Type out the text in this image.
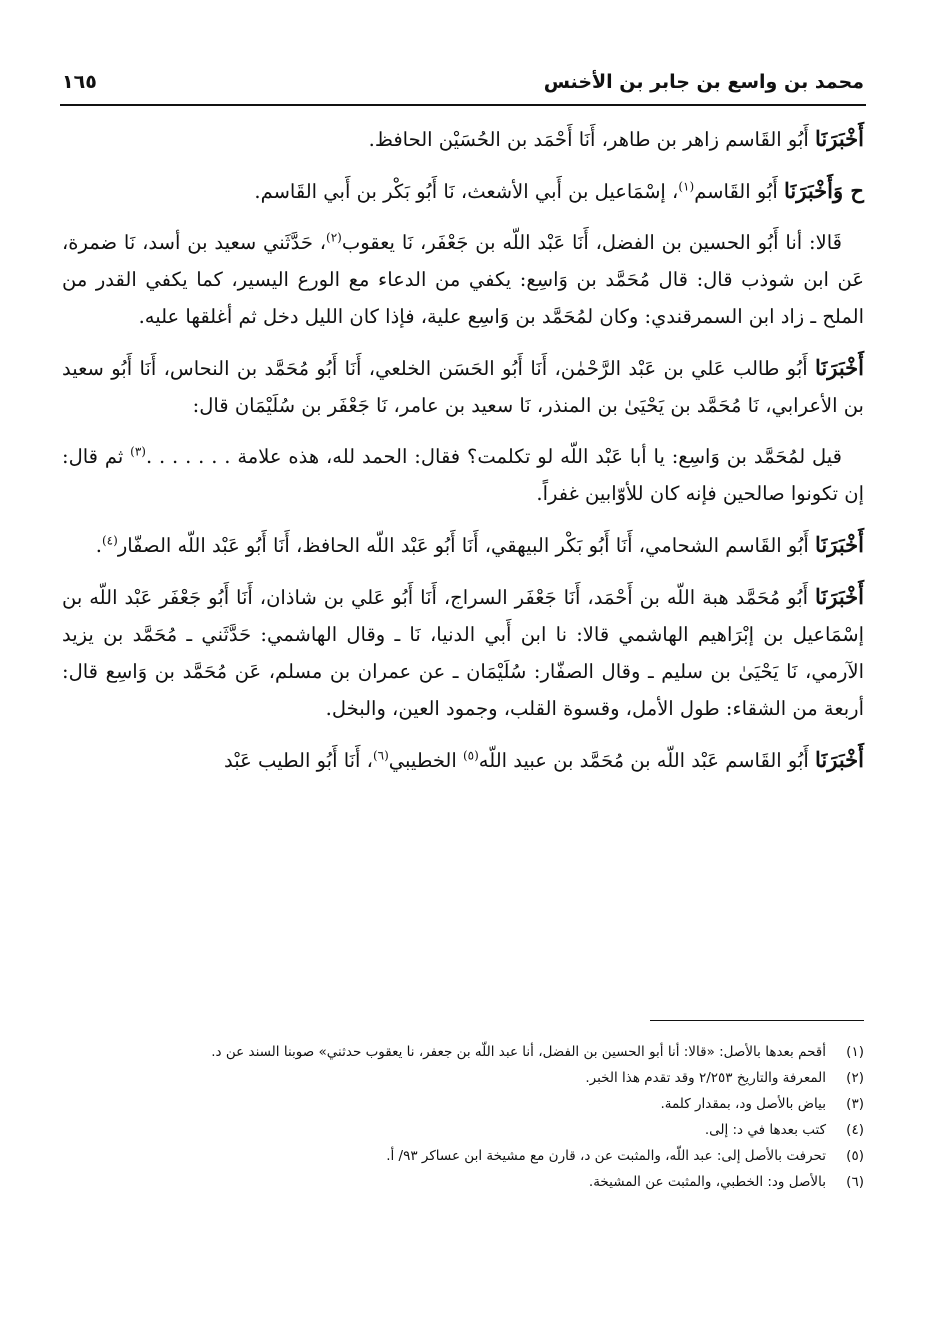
محمد بن واسع بن جابر بن الأخنس
١٦٥

أَخْبَرَنَا أَبُو القَاسم زاهر بن طاهر، أَنَا أَحْمَد بن الحُسَيْن الحافظ.

ح وَأَخْبَرَنَا أَبُو القَاسم$^{(١)}$، إسْمَاعيل بن أَبي الأشعث، نَا أَبُو بَكْر بن أَبي القَاسم.

قَالا: أنا أَبُو الحسين بن الفضل، أَنَا عَبْد اللّه بن جَعْفَر، نَا يعقوب$^{(٢)}$، حَدَّثَني سعيد بن أسد، نَا ضمرة، عَن ابن شوذب قال: قال مُحَمَّد بن وَاسِع: يكفي من الدعاء مع الورع اليسير، كما يكفي القدر من الملح ـ زاد ابن السمرقندي: وكان لمُحَمَّد بن وَاسِع علية، فإذا كان الليل دخل ثم أغلقها عليه.

أَخْبَرَنَا أَبُو طالب عَلي بن عَبْد الرَّحْمٰن، أَنَا أَبُو الحَسَن الخلعي، أَنَا أَبُو مُحَمَّد بن النحاس، أَنَا أَبُو سعيد بن الأعرابي، نَا مُحَمَّد بن يَحْيَىٰ بن المنذر، نَا سعيد بن عامر، نَا جَعْفَر بن سُلَيْمَان قال:

قيل لمُحَمَّد بن وَاسِع: يا أبا عَبْد اللّه لو تكلمت؟ فقال: الحمد لله، هذه علامة . . . . . . .$^{(٣)}$ ثم قال: إن تكونوا صالحين فإنه كان للأوّابين غفراً.

أَخْبَرَنَا أَبُو القَاسم الشحامي، أَنَا أَبُو بَكْر البيهقي، أَنَا أَبُو عَبْد اللّه الحافظ، أَنَا أَبُو عَبْد اللّه الصفّار$^{(٤)}$.

أَخْبَرَنَا أَبُو مُحَمَّد هبة اللّه بن أَحْمَد، أَنَا جَعْفَر السراج، أَنَا أَبُو عَلي بن شاذان، أَنَا أَبُو جَعْفَر عَبْد اللّه بن إسْمَاعيل بن إبْرَاهيم الهاشمي قالا: نا ابن أَبي الدنيا، نَا ـ وقال الهاشمي: حَدَّثَني ـ مُحَمَّد بن يزيد الآرمي، نَا يَحْيَىٰ بن سليم ـ وقال الصفّار: سُلَيْمَان ـ عن عمران بن مسلم، عَن مُحَمَّد بن وَاسِع قال: أربعة من الشقاء: طول الأمل، وقسوة القلب، وجمود العين، والبخل.

أَخْبَرَنَا أَبُو القَاسم عَبْد اللّه بن مُحَمَّد بن عبيد اللّه$^{(٥)}$ الخطيبي$^{(٦)}$، أَنَا أَبُو الطيب عَبْد

(١)
أقحم بعدها بالأصل: «قالا: أنا أبو الحسين بن الفضل، أنا عبد اللّه بن جعفر، نا يعقوب حدثني» صوبنا السند عن د.
(٢)
المعرفة والتاريخ ٢/٢٥٣ وقد تقدم هذا الخبر.
(٣)
بياض بالأصل ود، بمقدار كلمة.
(٤)
كتب بعدها في د: إلى.
(٥)
تحرفت بالأصل إلى: عبد اللّه، والمثبت عن د، قارن مع مشيخة ابن عساكر ٩٣/ أ.
(٦)
بالأصل ود: الخطبي، والمثبت عن المشيخة.
